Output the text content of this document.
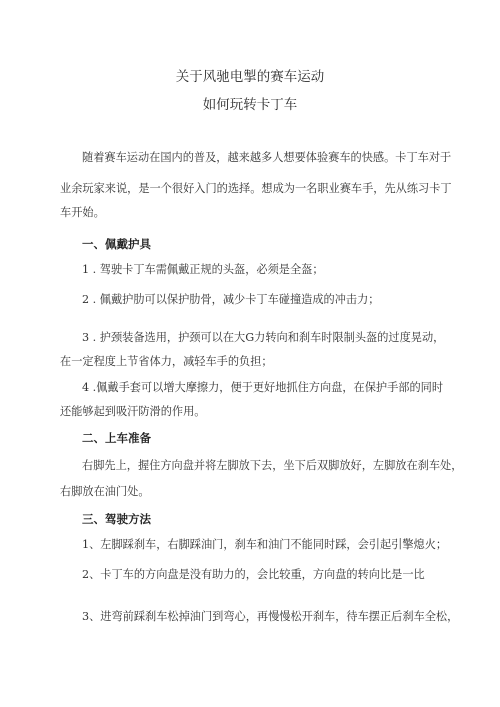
关于风驰电掣的赛车运动
如何玩转卡丁车
随着赛车运动在国内的普及，越来越多人想要体验赛车的快感。卡丁车对于
业余玩家来说，是一个很好入门的选择。想成为一名职业赛车手，先从练习卡丁
车开始。
一、佩戴护具
1 . 驾驶卡丁车需佩戴正规的头盔，必须是全盔；
2 . 佩戴护肋可以保护肋骨，减少卡丁车碰撞造成的冲击力；
3 . 护颈装备选用，护颈可以在大G力转向和刹车时限制头盔的过度晃动，
在一定程度上节省体力，减轻车手的负担；
4 .佩戴手套可以增大摩擦力，便于更好地抓住方向盘，在保护手部的同时
还能够起到吸汗防滑的作用。
二、上车准备
右脚先上，握住方向盘并将左脚放下去，坐下后双脚放好，左脚放在刹车处，
右脚放在油门处。
三、驾驶方法
1、左脚踩刹车，右脚踩油门，刹车和油门不能同时踩，会引起引擎熄火；
2、卡丁车的方向盘是没有助力的，会比较重，方向盘的转向比是一比
3、进弯前踩刹车松掉油门到弯心，再慢慢松开刹车，待车摆正后刹车全松，
